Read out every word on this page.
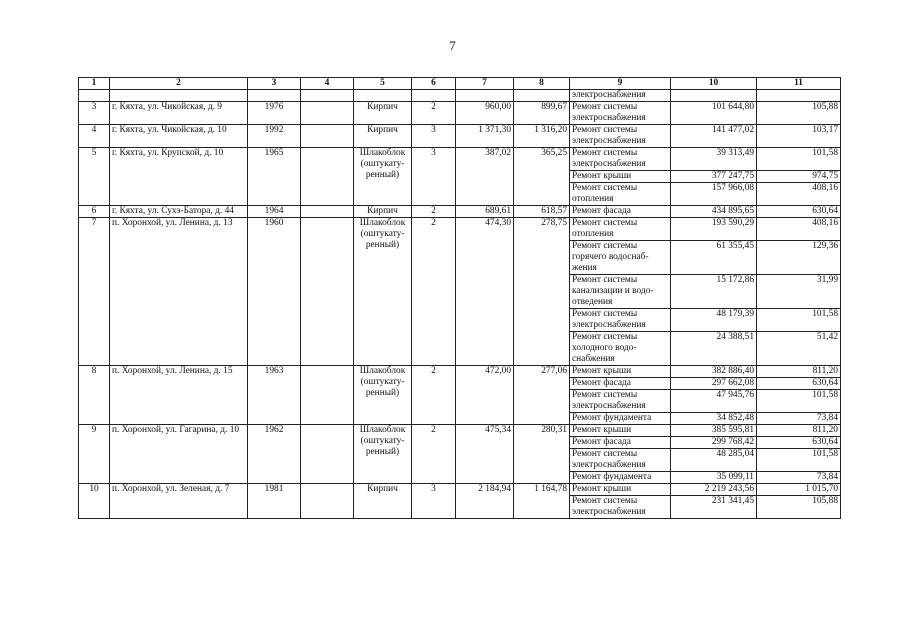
7
1	2	3	4	5	6	7	8	9	10	11
								электроснабжения		
3	г. Кяхта, ул. Чикойская, д. 9	1976		Кирпич	2	960,00	899,67	Ремонт системы электроснабжения	101 644,80	105,88
4	г. Кяхта, ул. Чикойская, д. 10	1992		Кирпич	3	1 371,30	1 316,20	Ремонт системы электроснабжения	141 477,02	103,17
5	г. Кяхта, ул. Крупской, д. 10	1965		Шлакоблок (оштукату-ренный)	3	387,02	365,25	Ремонт системы электроснабжения	39 313,49	101,58
								Ремонт крыши	377 247,75	974,75
								Ремонт системы отопления	157 966,08	408,16
6	г. Кяхта, ул. Сухэ-Батора, д. 44	1964		Кирпич	2	689,61	618,57	Ремонт фасада	434 895,65	630,64
7	п. Хоронхой, ул. Ленина, д. 13	1960		Шлакоблок (оштукату-ренный)	2	474,30	278,75	Ремонт системы отопления	193 590,29	408,16
								Ремонт системы горячего водоснаб-жения	61 355,45	129,36
								Ремонт системы канализации и водо-отведения	15 172,86	31,99
								Ремонт системы электроснабжения	48 179,39	101,58
								Ремонт системы холодного водо-снабжения	24 388,51	51,42
8	п. Хоронхой, ул. Ленина, д. 15	1963		Шлакоблок (оштукату-ренный)	2	472,00	277,06	Ремонт крыши	382 886,40	811,20
								Ремонт фасада	297 662,08	630,64
								Ремонт системы электроснабжения	47 945,76	101,58
								Ремонт фундамента	34 852,48	73,84
9	п. Хоронхой, ул. Гагарина, д. 10	1962		Шлакоблок (оштукату-ренный)	2	475,34	280,31	Ремонт крыши	385 595,81	811,20
								Ремонт фасада	299 768,42	630,64
								Ремонт системы электроснабжения	48 285,04	101,58
								Ремонт фундамента	35 099,11	73,84
10	п. Хоронхой, ул. Зеленая, д. 7	1981		Кирпич	3	2 184,94	1 164,78	Ремонт крыши	2 219 243,56	1 015,70
								Ремонт системы электроснабжения	231 341,45	105,88
